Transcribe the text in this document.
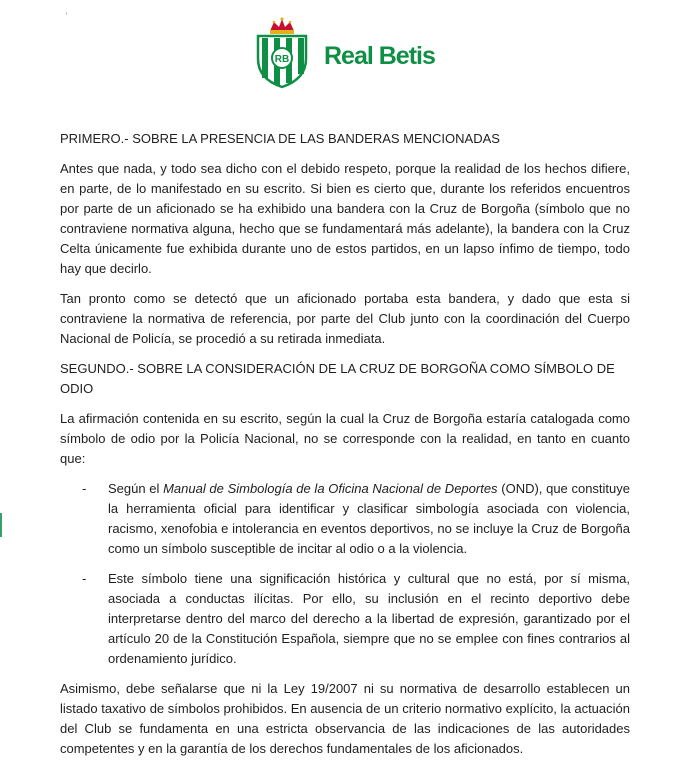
RB Real Betis
PRIMERO.- SOBRE LA PRESENCIA DE LAS BANDERAS MENCIONADAS

Antes que nada, y todo sea dicho con el debido respeto, porque la realidad de los hechos difiere, en parte, de lo manifestado en su escrito. Si bien es cierto que, durante los referidos encuentros por parte de un aficionado se ha exhibido una bandera con la Cruz de Borgoña (símbolo que no contraviene normativa alguna, hecho que se fundamentará más adelante), la bandera con la Cruz Celta únicamente fue exhibida durante uno de estos partidos, en un lapso ínfimo de tiempo, todo hay que decirlo.

Tan pronto como se detectó que un aficionado portaba esta bandera, y dado que esta si contraviene la normativa de referencia, por parte del Club junto con la coordinación del Cuerpo Nacional de Policía, se procedió a su retirada inmediata.

SEGUNDO.- SOBRE LA CONSIDERACIÓN DE LA CRUZ DE BORGOÑA COMO SÍMBOLO DE ODIO

La afirmación contenida en su escrito, según la cual la Cruz de Borgoña estaría catalogada como símbolo de odio por la Policía Nacional, no se corresponde con la realidad, en tanto en cuanto que:

- Según el Manual de Simbología de la Oficina Nacional de Deportes (OND), que constituye la herramienta oficial para identificar y clasificar simbología asociada con violencia, racismo, xenofobia e intolerancia en eventos deportivos, no se incluye la Cruz de Borgoña como un símbolo susceptible de incitar al odio o a la violencia.
- Este símbolo tiene una significación histórica y cultural que no está, por sí misma, asociada a conductas ilícitas. Por ello, su inclusión en el recinto deportivo debe interpretarse dentro del marco del derecho a la libertad de expresión, garantizado por el artículo 20 de la Constitución Española, siempre que no se emplee con fines contrarios al ordenamiento jurídico.

Asimismo, debe señalarse que ni la Ley 19/2007 ni su normativa de desarrollo establecen un listado taxativo de símbolos prohibidos. En ausencia de un criterio normativo explícito, la actuación del Club se fundamenta en una estricta observancia de las indicaciones de las autoridades competentes y en la garantía de los derechos fundamentales de los aficionados.
